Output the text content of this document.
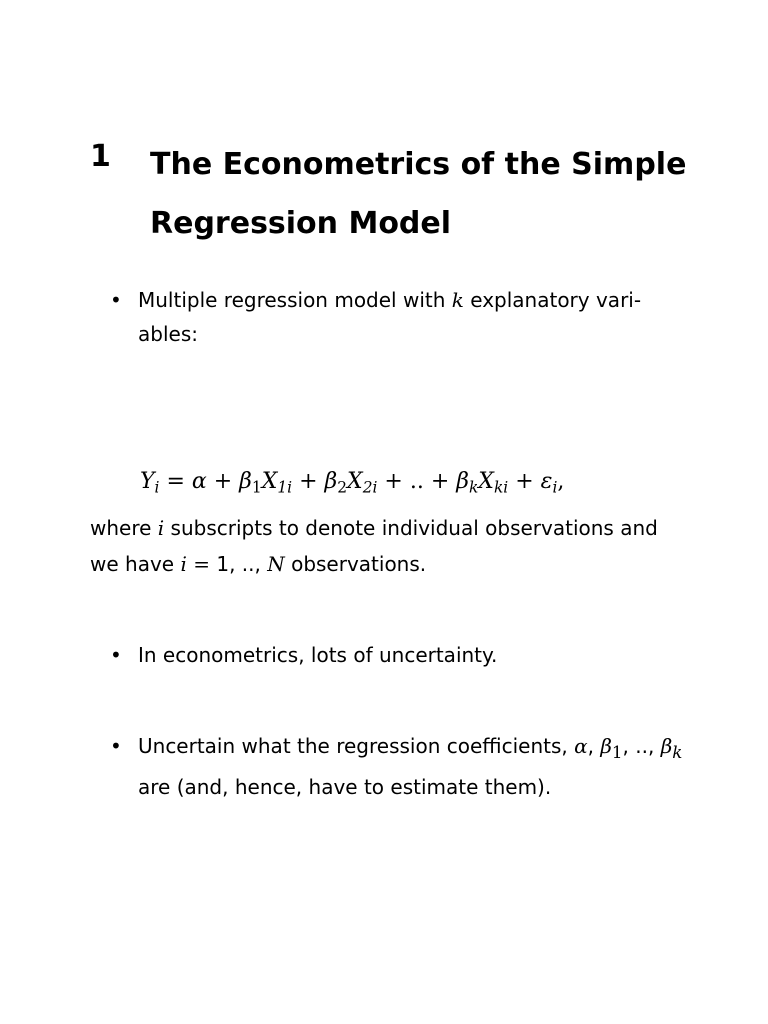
1 The Econometrics of the Simple Regression Model
• Multiple regression model with k explanatory vari-ables:
$Y_i = \alpha + \beta_1X_{1i} + \beta_2X_{2i}$ + .. + $\beta_kX_{ki} + \varepsilon_i$,
where i subscripts to denote individual observations and we have i = 1, .., N observations.
• In econometrics, lots of uncertainty.
• Uncertain what the regression coefficients, α, $\beta_1$, .., $\beta_k$ are (and, hence, have to estimate them).
